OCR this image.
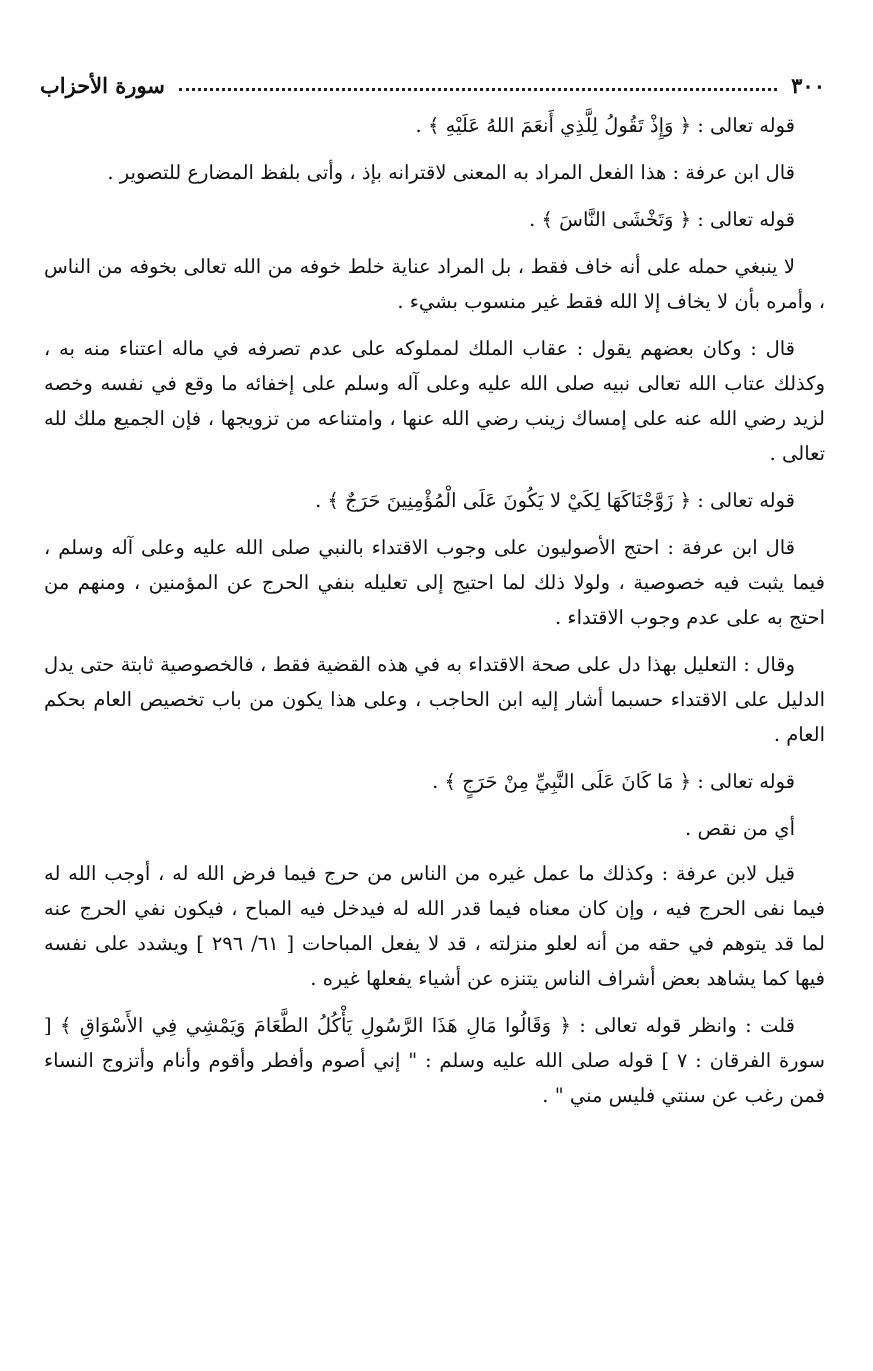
٣٠٠
سورة الأحزاب

قوله تعالى : ﴿ وَإِذْ تَقُولُ لِلَّذِي أَنعَمَ اللهُ عَلَيْهِ ﴾ .

قال ابن عرفة : هذا الفعل المراد به المعنى لاقترانه بإذ ، وأتى بلفظ المضارع للتصوير .

قوله تعالى : ﴿ وَتَخْشَى النَّاسَ ﴾ .

لا ينبغي حمله على أنه خاف فقط ، بل المراد عناية خلط خوفه من الله تعالى بخوفه من الناس ، وأمره بأن لا يخاف إلا الله فقط غير منسوب بشيء .

قال : وكان بعضهم يقول : عقاب الملك لمملوكه على عدم تصرفه في ماله اعتناء منه به ، وكذلك عتاب الله تعالى نبيه صلى الله عليه وعلى آله وسلم على إخفائه ما وقع في نفسه وخصه لزيد رضي الله عنه على إمساك زينب رضي الله عنها ، وامتناعه من تزويجها ، فإن الجميع ملك لله تعالى .

قوله تعالى : ﴿ زَوَّجْنَاكَهَا لِكَيْ لا يَكُونَ عَلَى الْمُؤْمِنِينَ حَرَجٌ ﴾ .

قال ابن عرفة : احتج الأصوليون على وجوب الاقتداء بالنبي صلى الله عليه وعلى آله وسلم ، فيما يثبت فيه خصوصية ، ولولا ذلك لما احتيج إلى تعليله بنفي الحرج عن المؤمنين ، ومنهم من احتج به على عدم وجوب الاقتداء .

وقال : التعليل بهذا دل على صحة الاقتداء به في هذه القضية فقط ، فالخصوصية ثابتة حتى يدل الدليل على الاقتداء حسبما أشار إليه ابن الحاجب ، وعلى هذا يكون من باب تخصيص العام بحكم العام .

قوله تعالى : ﴿ مَا كَانَ عَلَى النَّبِيِّ مِنْ حَرَجٍ ﴾ .

أي من نقص .

قيل لابن عرفة : وكذلك ما عمل غيره من الناس من حرج فيما فرض الله له ، أوجب الله له فيما نفى الحرج فيه ، وإن كان معناه فيما قدر الله له فيدخل فيه المباح ، فيكون نفي الحرج عنه لما قد يتوهم في حقه من أنه لعلو منزلته ، قد لا يفعل المباحات [ ٦١/ ٢٩٦ ] ويشدد على نفسه فيها كما يشاهد بعض أشراف الناس يتنزه عن أشياء يفعلها غيره .

قلت : وانظر قوله تعالى : ﴿ وَقَالُوا مَالِ هَذَا الرَّسُولِ يَأْكُلُ الطَّعَامَ وَيَمْشِي فِي الأَسْوَاقِ ﴾ [ سورة الفرقان : ٧ ] قوله صلى الله عليه وسلم : " إني أصوم وأفطر وأقوم وأنام وأتزوج النساء فمن رغب عن سنتي فليس مني " .
